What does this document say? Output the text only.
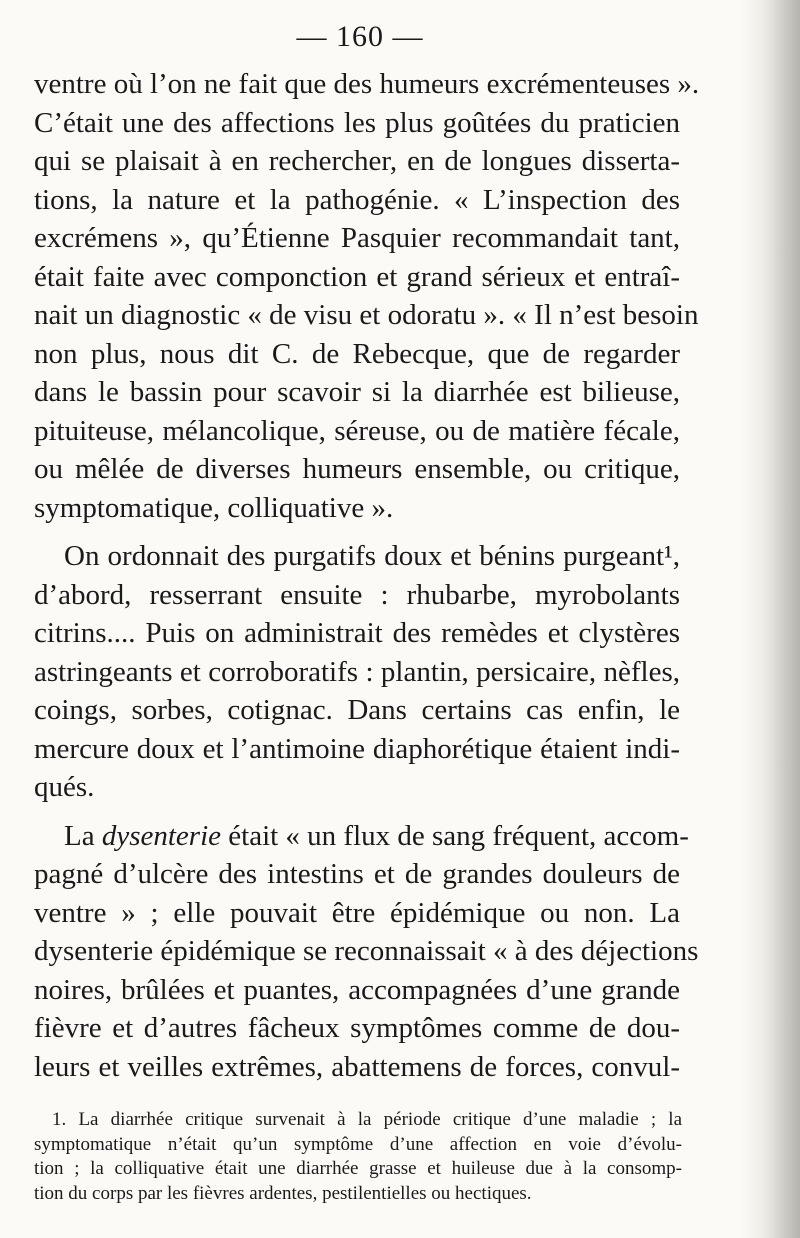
— 160 —
ventre où l’on ne fait que des humeurs excrémenteuses ».
C’était une des affections les plus goûtées du praticien
qui se plaisait à en rechercher, en de longues disserta-
tions, la nature et la pathogénie. « L’inspection des
excrémens », qu’Étienne Pasquier recommandait tant,
était faite avec componction et grand sérieux et entraî-
nait un diagnostic « de visu et odoratu ». « Il n’est besoin
non plus, nous dit C. de Rebecque, que de regarder
dans le bassin pour scavoir si la diarrhée est bilieuse,
pituiteuse, mélancolique, séreuse, ou de matière fécale,
ou mêlée de diverses humeurs ensemble, ou critique,
symptomatique, colliquative ».
On ordonnait des purgatifs doux et bénins purgeant¹,
d’abord, resserrant ensuite : rhubarbe, myrobolants
citrins.... Puis on administrait des remèdes et clystères
astringeants et corroboratifs : plantin, persicaire, nèfles,
coings, sorbes, cotignac. Dans certains cas enfin, le
mercure doux et l’antimoine diaphorétique étaient indi-
qués.
La dysenterie était « un flux de sang fréquent, accom-
pagné d’ulcère des intestins et de grandes douleurs de
ventre » ; elle pouvait être épidémique ou non. La
dysenterie épidémique se reconnaissait « à des déjections
noires, brûlées et puantes, accompagnées d’une grande
fièvre et d’autres fâcheux symptômes comme de dou-
leurs et veilles extrêmes, abattemens de forces, convul-
1. La diarrhée critique survenait à la période critique d’une maladie ; la
symptomatique n’était qu’un symptôme d’une affection en voie d’évolu-
tion ; la colliquative était une diarrhée grasse et huileuse due à la consomp-
tion du corps par les fièvres ardentes, pestilentielles ou hectiques.
